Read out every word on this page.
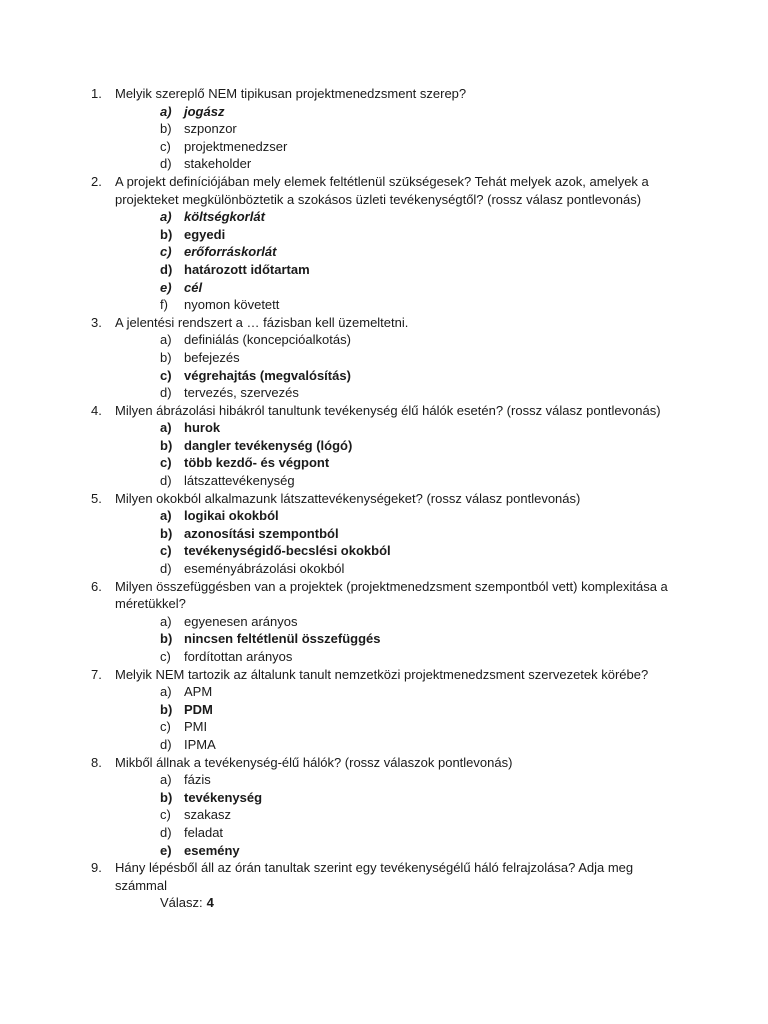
1.	Melyik szereplő NEM tipikusan projektmenedzsment szerep?
a) jogász
b) szponzor
c) projektmenedzser
d) stakeholder
2.	A projekt definíciójában mely elemek feltétlenül szükségesek? Tehát melyek azok, amelyek a projekteket megkülönböztetik a szokásos üzleti tevékenységtől? (rossz válasz pontlevonás)
a) költségkorlát
b) egyedi
c) erőforráskorlát
d) határozott időtartam
e) cél
f) nyomon követett
3.	A jelentési rendszert a … fázisban kell üzemeltetni.
a) definiálás (koncepcióalkotás)
b) befejezés
c) végrehajtás (megvalósítás)
d) tervezés, szervezés
4.	Milyen ábrázolási hibákról tanultunk tevékenység élű hálók esetén? (rossz válasz pontlevonás)
a) hurok
b) dangler tevékenység (lógó)
c) több kezdő- és végpont
d) látszattevékenység
5.	Milyen okokból alkalmazunk látszattevékenységeket? (rossz válasz pontlevonás)
a) logikai okokból
b) azonosítási szempontból
c) tevékenységidő-becslési okokból
d) eseményábrázolási okokból
6.	Milyen összefüggésben van a projektek (projektmenedzsment szempontból vett) komplexitása a méretükkel?
a) egyenesen arányos
b) nincsen feltétlenül összefüggés
c) fordítottan arányos
7.	Melyik NEM tartozik az általunk tanult nemzetközi projektmenedzsment szervezetek körébe?
a) APM
b) PDM
c) PMI
d) IPMA
8.	Mikből állnak a tevékenység-élű hálók? (rossz válaszok pontlevonás)
a) fázis
b) tevékenység
c) szakasz
d) feladat
e) esemény
9.	Hány lépésből áll az órán tanultak szerint egy tevékenységélű háló felrajzolása? Adja meg számmal
Válasz: 4
